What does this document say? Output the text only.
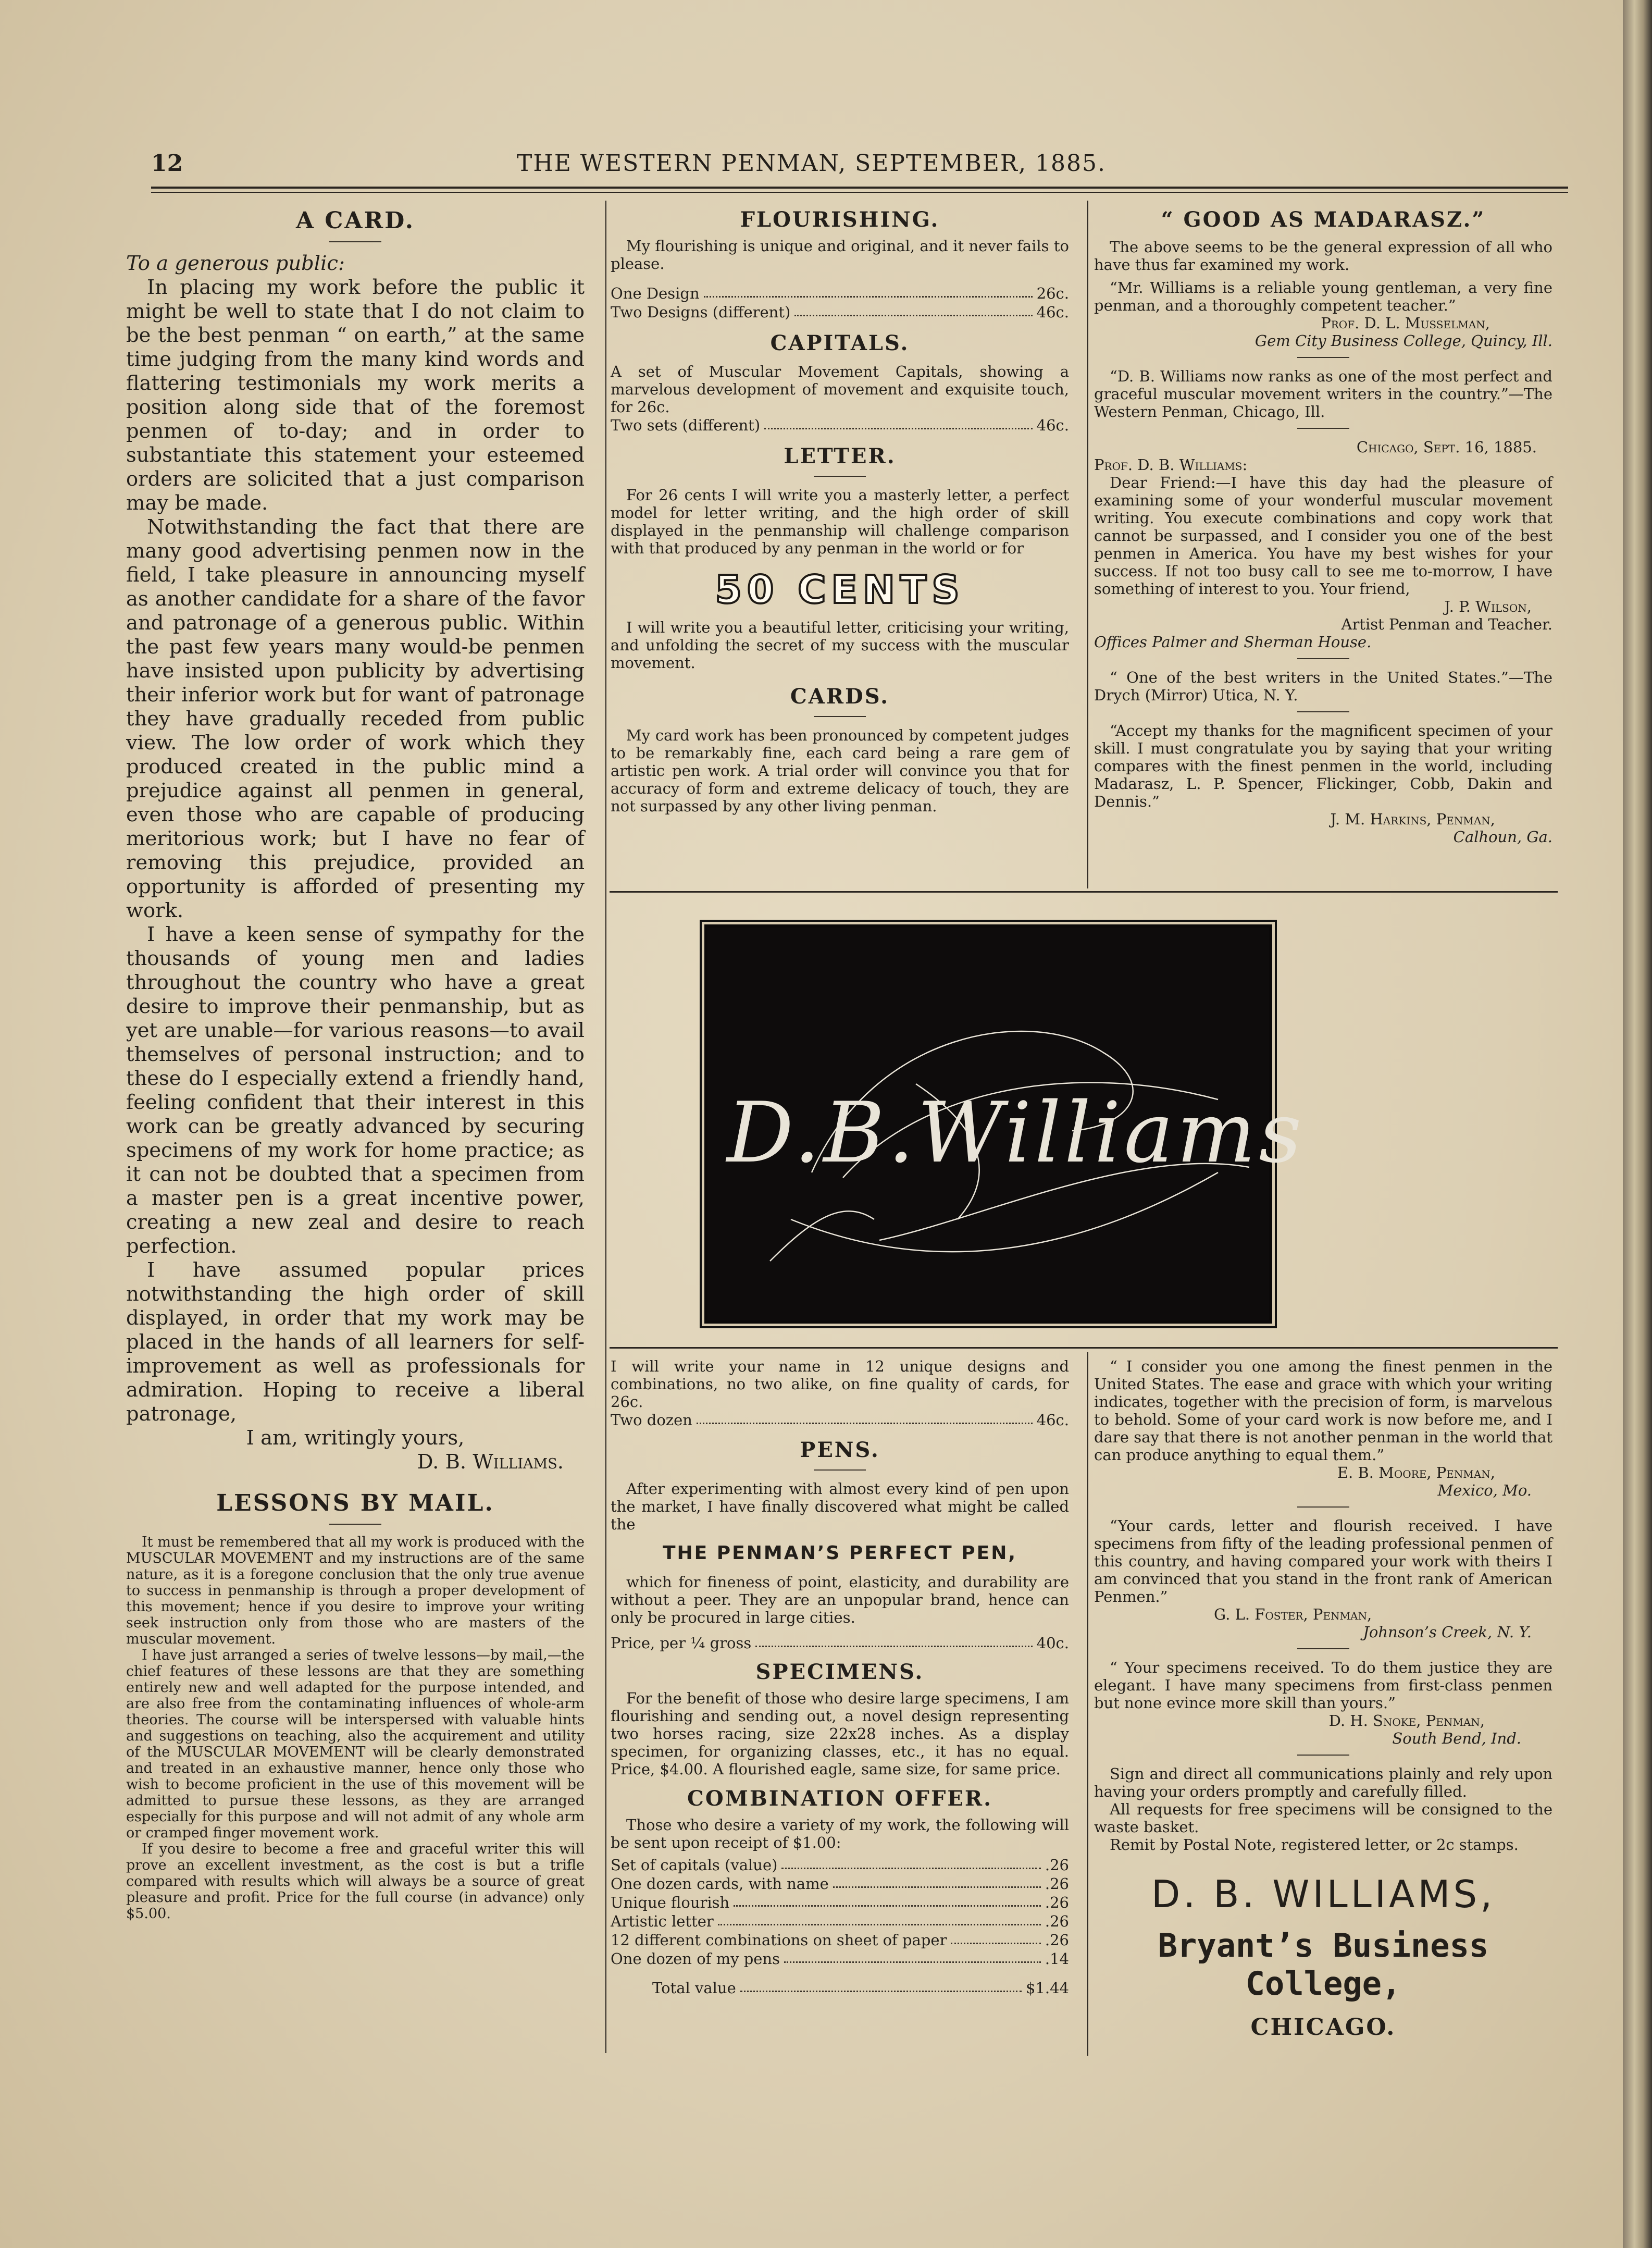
12	THE WESTERN PENMAN, SEPTEMBER, 1885.
A CARD.

To a generous public:

In placing my work before the public it might be well to state that I do not claim to be the best penman “ on earth,” at the same time judging from the many kind words and flattering testimonials my work merits a position along side that of the foremost penmen of to-day; and in order to substantiate this statement your esteemed orders are solicited that a just comparison may be made.

Notwithstanding the fact that there are many good advertising penmen now in the field, I take pleasure in announcing myself as another candidate for a share of the favor and patronage of a generous public. Within the past few years many would-be penmen have insisted upon publicity by advertising their inferior work but for want of patronage they have gradually receded from public view. The low order of work which they produced created in the public mind a prejudice against all penmen in general, even those who are capable of producing meritorious work; but I have no fear of removing this prejudice, provided an opportunity is afforded of presenting my work.

I have a keen sense of sympathy for the thousands of young men and ladies throughout the country who have a great desire to improve their penmanship, but as yet are unable—for various reasons—to avail themselves of personal instruction; and to these do I especially extend a friendly hand, feeling confident that their interest in this work can be greatly advanced by securing specimens of my work for home practice; as it can not be doubted that a specimen from a master pen is a great incentive power, creating a new zeal and desire to reach perfection.

I have assumed popular prices notwithstanding the high order of skill displayed, in order that my work may be placed in the hands of all learners for self-improvement as well as professionals for admiration. Hoping to receive a liberal patronage,

I am, writingly yours,

D. B. Williams.

LESSONS BY MAIL.

It must be remembered that all my work is produced with the MUSCULAR MOVEMENT and my instructions are of the same nature, as it is a foregone conclusion that the only true avenue to success in penmanship is through a proper development of this movement; hence if you desire to improve your writing seek instruction only from those who are masters of the muscular movement.

I have just arranged a series of twelve lessons—by mail,—the chief features of these lessons are that they are something entirely new and well adapted for the purpose intended, and are also free from the contaminating influences of whole-arm theories. The course will be interspersed with valuable hints and suggestions on teaching, also the acquirement and utility of the MUSCULAR MOVEMENT will be clearly demonstrated and treated in an exhaustive manner, hence only those who wish to become proficient in the use of this movement will be admitted to pursue these lessons, as they are arranged especially for this purpose and will not admit of any whole arm or cramped finger movement work.

If you desire to become a free and graceful writer this will prove an excellent investment, as the cost is but a trifle compared with results which will always be a source of great pleasure and profit. Price for the full course (in advance) only $5.00.

FLOURISHING.

My flourishing is unique and original, and it never fails to please.

One Design	26c.
Two Designs (different)	46c.
CAPITALS.

A set of Muscular Movement Capitals, showing a marvelous development of movement and exquisite touch, for 26c.

Two sets (different)	46c.
LETTER.

For 26 cents I will write you a masterly letter, a perfect model for letter writing, and the high order of skill displayed in the penmanship will challenge comparison with that produced by any penman in the world or for

50 CENTS

I will write you a beautiful letter, criticising your writing, and unfolding the secret of my success with the muscular movement.

CARDS.

My card work has been pronounced by competent judges to be remarkably fine, each card being a rare gem of artistic pen work. A trial order will convince you that for accuracy of form and extreme delicacy of touch, they are not surpassed by any other living penman.

“ GOOD AS MADARASZ.”

The above seems to be the general expression of all who have thus far examined my work.

“Mr. Williams is a reliable young gentleman, a very fine penman, and a thoroughly competent teacher.”

Prof. D. L. Musselman,

Gem City Business College, Quincy, Ill.

“D. B. Williams now ranks as one of the most perfect and graceful muscular movement writers in the country.”—The Western Penman, Chicago, Ill.

Chicago, Sept. 16, 1885.

Prof. D. B. Williams:

Dear Friend:—I have this day had the pleasure of examining some of your wonderful muscular movement writing. You execute combinations and copy work that cannot be surpassed, and I consider you one of the best penmen in America. You have my best wishes for your success. If not too busy call to see me to-morrow, I have something of interest to you. Your friend,

J. P. Wilson,

Artist Penman and Teacher.

Offices Palmer and Sherman House.

“ One of the best writers in the United States.”—The Drych (Mirror) Utica, N. Y.

“Accept my thanks for the magnificent specimen of your skill. I must congratulate you by saying that your writing compares with the finest penmen in the world, including Madarasz, L. P. Spencer, Flickinger, Cobb, Dakin and Dennis.”

J. M. Harkins, Penman,

Calhoun, Ga.

D.B.Williams

I will write your name in 12 unique designs and combinations, no two alike, on fine quality of cards, for 26c.

Two dozen	46c.
PENS.

After experimenting with almost every kind of pen upon the market, I have finally discovered what might be called the

THE PENMAN’S PERFECT PEN,

which for fineness of point, elasticity, and durability are without a peer. They are an unpopular brand, hence can only be procured in large cities.

Price, per ¼ gross	40c.
SPECIMENS.

For the benefit of those who desire large specimens, I am flourishing and sending out, a novel design representing two horses racing, size 22x28 inches. As a display specimen, for organizing classes, etc., it has no equal. Price, $4.00. A flourished eagle, same size, for same price.

COMBINATION OFFER.

Those who desire a variety of my work, the following will be sent upon receipt of $1.00:

Set of capitals (value)	.26
One dozen cards, with name	.26
Unique flourish	.26
Artistic letter	.26
12 different combinations on sheet of paper	.26
One dozen of my pens	.14
Total value	$1.44

“ I consider you one among the finest penmen in the United States. The ease and grace with which your writing indicates, together with the precision of form, is marvelous to behold. Some of your card work is now before me, and I dare say that there is not another penman in the world that can produce anything to equal them.”

E. B. Moore, Penman,

Mexico, Mo.

“Your cards, letter and flourish received. I have specimens from fifty of the leading professional penmen of this country, and having compared your work with theirs I am convinced that you stand in the front rank of American Penmen.”

G. L. Foster, Penman,

Johnson’s Creek, N. Y.

“ Your specimens received. To do them justice they are elegant. I have many specimens from first-class penmen but none evince more skill than yours.”

D. H. Snoke, Penman,

South Bend, Ind.

Sign and direct all communications plainly and rely upon having your orders promptly and carefully filled.

All requests for free specimens will be consigned to the waste basket.

Remit by Postal Note, registered letter, or 2c stamps.

D. B. WILLIAMS,
Bryant’s Business College,
CHICAGO.
